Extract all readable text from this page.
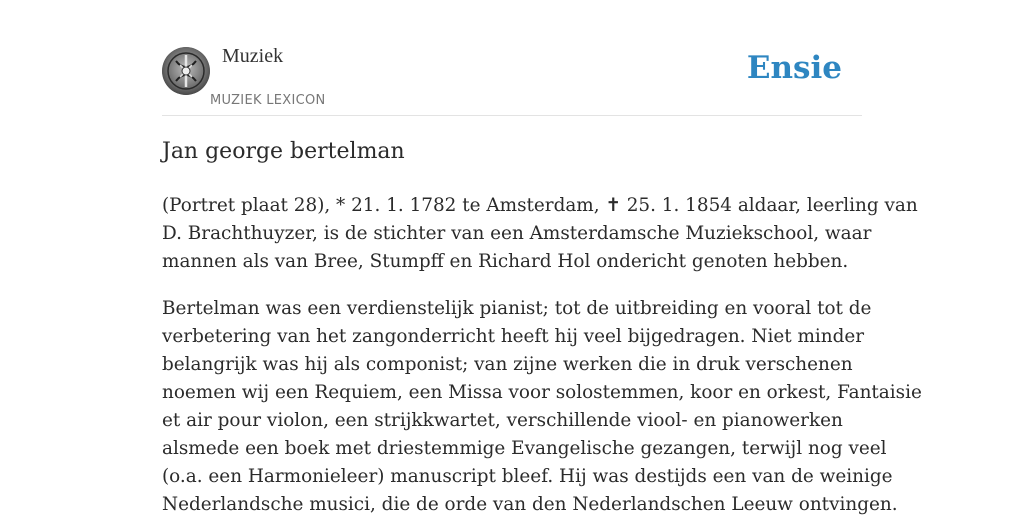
Muziek
MUZIEK LEXICON
Ensie
Jan george bertelman

(Portret plaat 28), * 21. 1. 1782 te Amsterdam, ✝ 25. 1. 1854 aldaar, leerling van
D. Brachthuyzer, is de stichter van een Amsterdamsche Muziekschool, waar
mannen als van Bree, Stumpff en Richard Hol ondericht genoten hebben.

Bertelman was een verdienstelijk pianist; tot de uitbreiding en vooral tot de
verbetering van het zangonderricht heeft hij veel bijgedragen. Niet minder
belangrijk was hij als componist; van zijne werken die in druk verschenen
noemen wij een Requiem, een Missa voor solostemmen, koor en orkest, Fantaisie
et air pour violon, een strijkkwartet, verschillende viool- en pianowerken
alsmede een boek met driestemmige Evangelische gezangen, terwijl nog veel
(o.a. een Harmonieleer) manuscript bleef. Hij was destijds een van de weinige
Nederlandsche musici, die de orde van den Nederlandschen Leeuw ontvingen.
